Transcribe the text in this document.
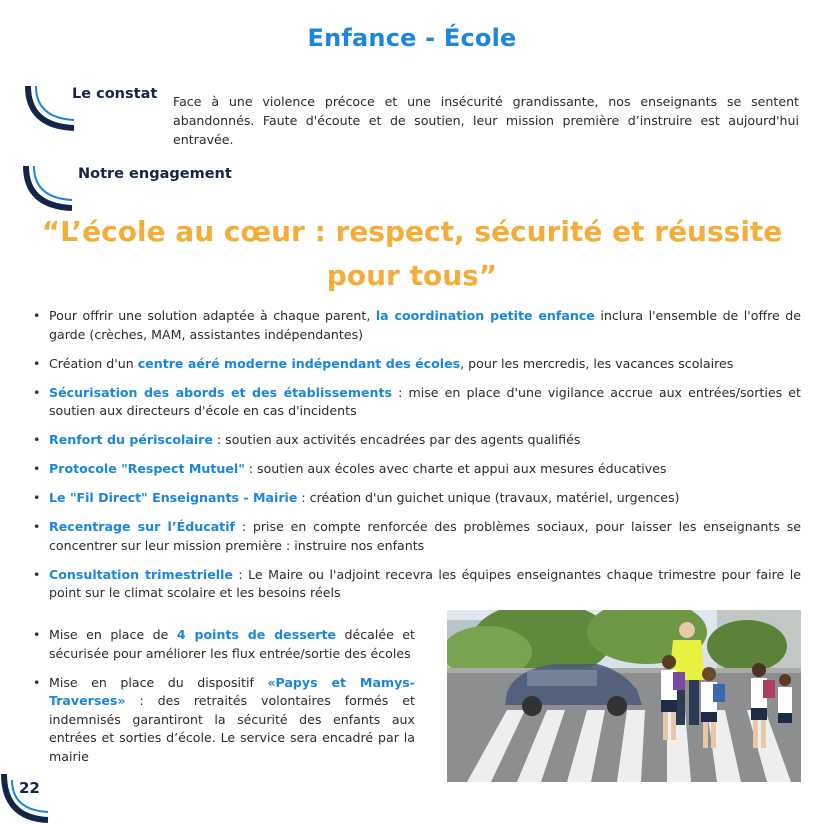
Enfance - École
Le constat Face à une violence précoce et une insécurité grandissante, nos enseignants se sentent abandonnés. Faute d'écoute et de soutien, leur mission première d’instruire est aujourd'hui entravée.
Notre engagement
“L’école au cœur : respect, sécurité et réussite pour tous”
• Pour offrir une solution adaptée à chaque parent, la coordination petite enfance inclura l'ensemble de l'offre de garde (crèches, MAM, assistantes indépendantes)
• Création d'un centre aéré moderne indépendant des écoles, pour les mercredis, les vacances scolaires
• Sécurisation des abords et des établissements : mise en place d'une vigilance accrue aux entrées/sorties et soutien aux directeurs d'école en cas d'incidents
• Renfort du périscolaire : soutien aux activités encadrées par des agents qualifiés
• Protocole "Respect Mutuel" : soutien aux écoles avec charte et appui aux mesures éducatives
• Le "Fil Direct" Enseignants - Mairie : création d'un guichet unique (travaux, matériel, urgences)
• Recentrage sur l’Éducatif : prise en compte renforcée des problèmes sociaux, pour laisser les enseignants se concentrer sur leur mission première : instruire nos enfants
• Consultation trimestrielle : Le Maire ou l'adjoint recevra les équipes enseignantes chaque trimestre pour faire le point sur le climat scolaire et les besoins réels
• Mise en place de 4 points de desserte décalée et sécurisée pour améliorer les flux entrée/sortie des écoles
• Mise en place du dispositif «Papys et Mamys-Traverses» : des retraités volontaires formés et indemnisés garantiront la sécurité des enfants aux entrées et sorties d’école. Le service sera encadré par la mairie
22
